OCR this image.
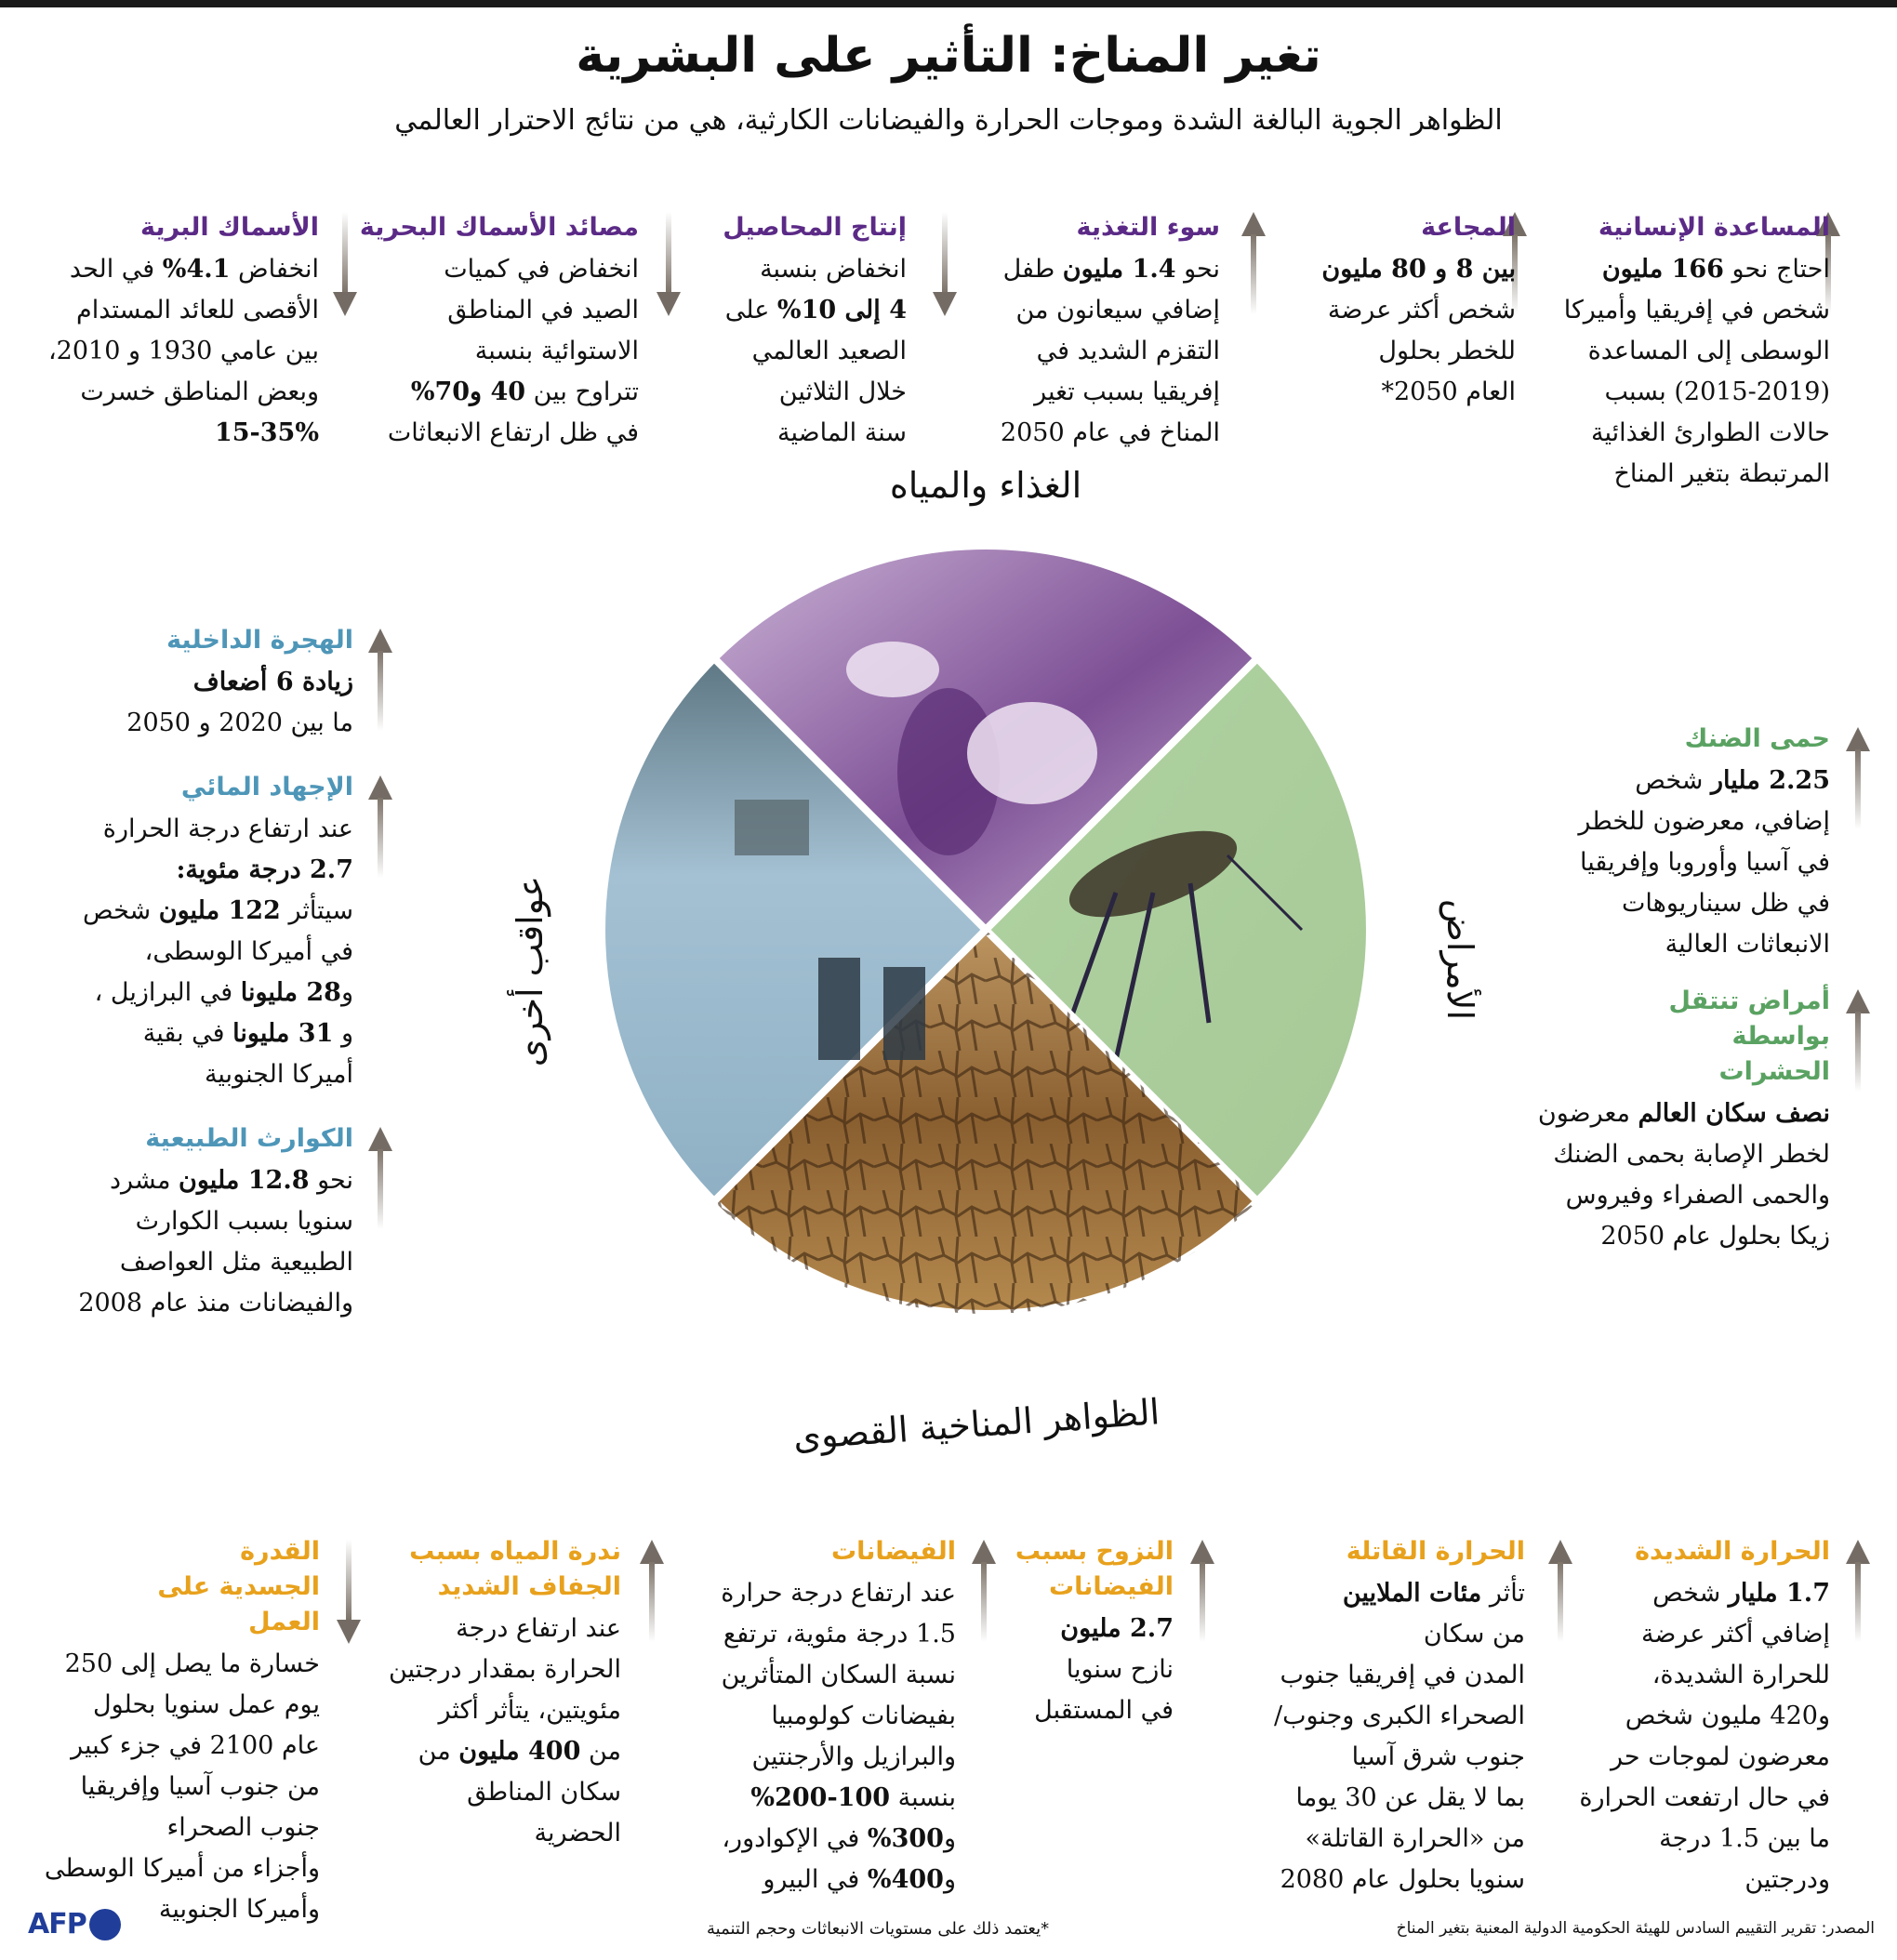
تغير المناخ: التأثير على البشرية
الظواهر الجوية البالغة الشدة وموجات الحرارة والفيضانات الكارثية، هي من نتائج الاحترار العالمي
المساعدة الإنسانية
احتاج نحو 166 مليون
شخص في إفريقيا وأميركا
الوسطى إلى المساعدة
(2015-2019) بسبب
حالات الطوارئ الغذائية
المرتبطة بتغير المناخ
المجاعة
بين 8 و 80 مليون
شخص أكثر عرضة
للخطر بحلول
العام 2050*
سوء التغذية
نحو 1.4 مليون طفل
إضافي سيعانون من
التقزم الشديد في
إفريقيا بسبب تغير
المناخ في عام 2050
إنتاج المحاصيل
انخفاض بنسبة
4 إلى 10% على
الصعيد العالمي
خلال الثلاثين
سنة الماضية
مصائد الأسماك البحرية
انخفاض في كميات
الصيد في المناطق
الاستوائية بنسبة
تتراوح بين 40 و70%
في ظل ارتفاع الانبعاثات
الأسماك البرية
انخفاض 4.1% في الحد
الأقصى للعائد المستدام
بين عامي 1930 و 2010،
وبعض المناطق خسرت
15-35%
الهجرة الداخلية
زيادة 6 أضعاف
ما بين 2020 و 2050
الإجهاد المائي
عند ارتفاع درجة الحرارة
2.7 درجة مئوية:
سيتأثر 122 مليون شخص
في أميركا الوسطى،
و28 مليونا في البرازيل ،
و 31 مليونا في بقية
أميركا الجنوبية
الكوارث الطبيعية
نحو 12.8 مليون مشرد
سنويا بسبب الكوارث
الطبيعية مثل العواصف
والفيضانات منذ عام 2008
حمى الضنك
2.25 مليار شخص
إضافي، معرضون للخطر
في آسيا وأوروبا وإفريقيا
في ظل سيناريوهات
الانبعاثات العالية
أمراض تنتقل بواسطة الحشرات
نصف سكان العالم معرضون
لخطر الإصابة بحمى الضنك
والحمى الصفراء وفيروس
زيكا بحلول عام 2050
الغذاء والمياه
الأمراض
الظواهر المناخية القصوى
عواقب أخرى
الحرارة الشديدة
1.7 مليار شخص
إضافي أكثر عرضة
للحرارة الشديدة،
و420 مليون شخص
معرضون لموجات حر
في حال ارتفعت الحرارة
ما بين 1.5 درجة
ودرجتين
الحرارة القاتلة
تأثر مئات الملايين
من سكان
المدن في إفريقيا جنوب
الصحراء الكبرى وجنوب/
جنوب شرق آسيا
بما لا يقل عن 30 يوما
من «الحرارة القاتلة»
سنويا بحلول عام 2080
النزوح بسبب الفيضانات
2.7 مليون
نازح سنويا
في المستقبل
الفيضانات
عند ارتفاع درجة حرارة
1.5 درجة مئوية، ترتفع
نسبة السكان المتأثرين
بفيضانات كولومبيا
والبرازيل والأرجنتين
بنسبة 100-200%
و300% في الإكوادور،
و400% في البيرو
ندرة المياه بسبب الجفاف الشديد
عند ارتفاع درجة
الحرارة بمقدار درجتين
مئويتين، يتأثر أكثر
من 400 مليون من
سكان المناطق
الحضرية
القدرة الجسدية على العمل
خسارة ما يصل إلى 250
يوم عمل سنويا بحلول
عام 2100 في جزء كبير
من جنوب آسيا وإفريقيا
جنوب الصحراء
وأجزاء من أميركا الوسطى
وأميركا الجنوبية
AFP	*يعتمد ذلك على مستويات الانبعاثات وحجم التنمية	المصدر: تقرير التقييم السادس للهيئة الحكومية الدولية المعنية بتغير المناخ
